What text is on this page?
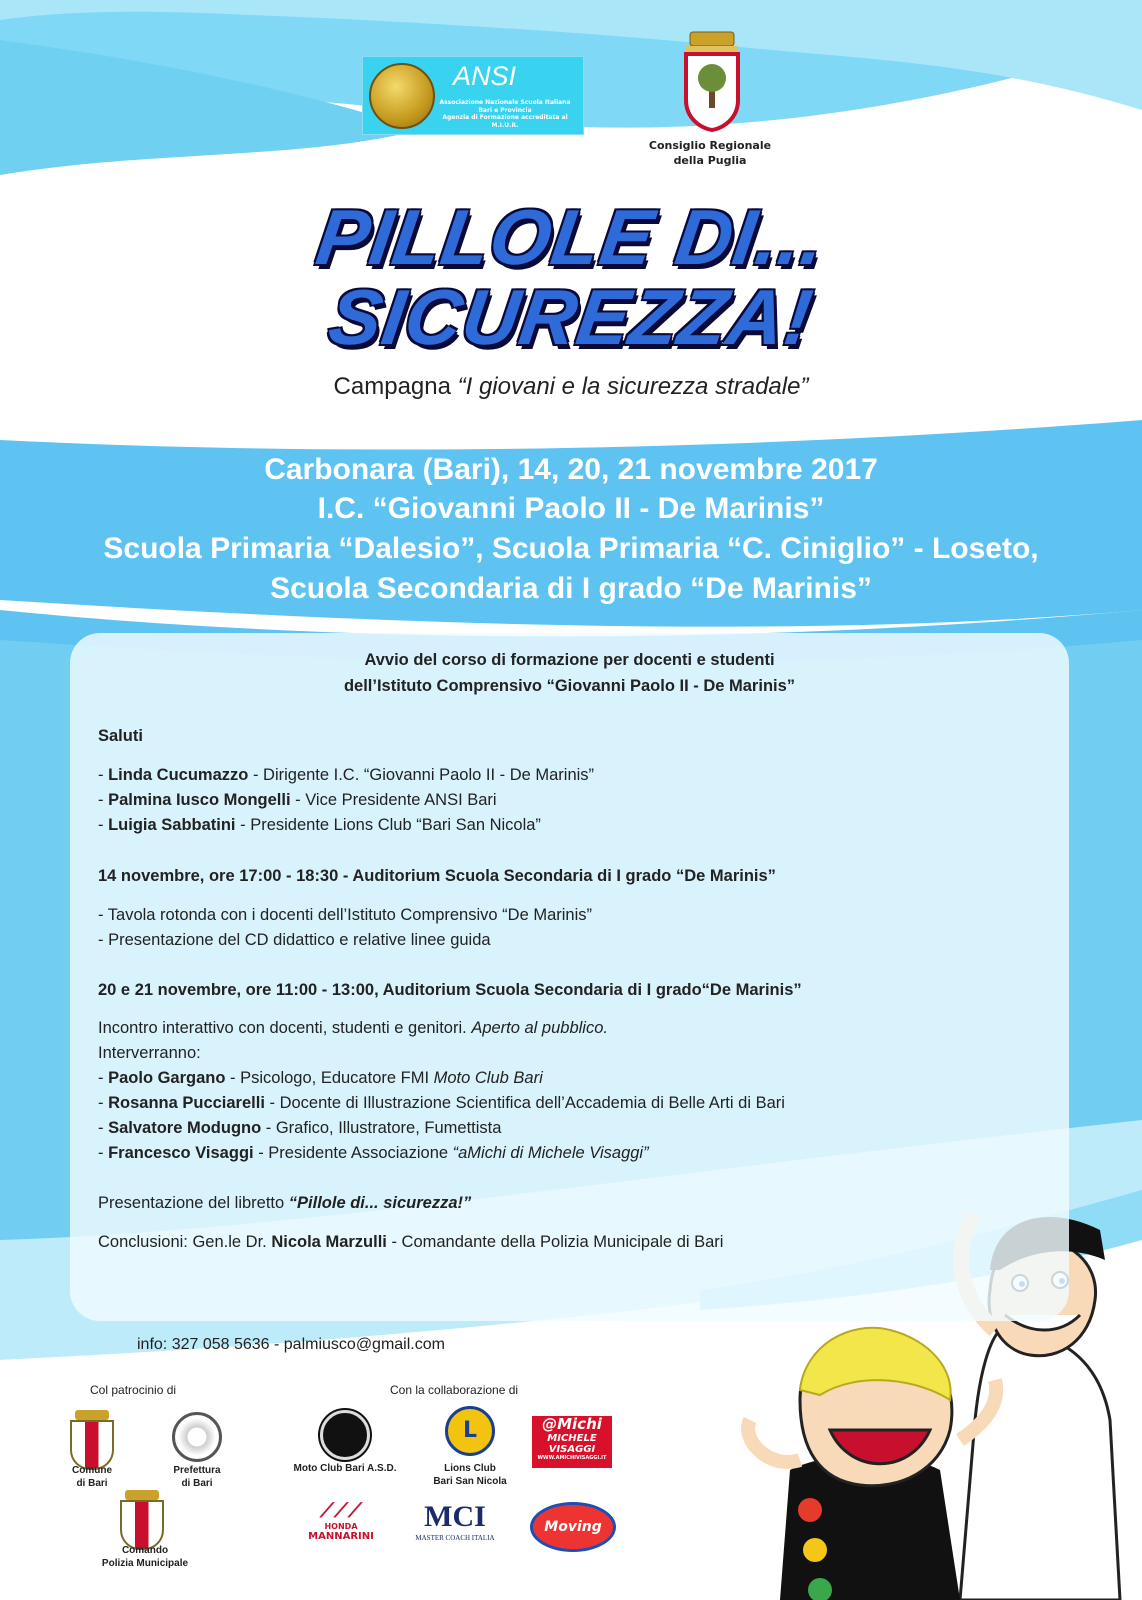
ANSI
Associazione Nazionale Scuola Italiana
Bari e Provincia
Agenzia di Formazione accreditata al M.I.U.R.
Consiglio Regionale
della Puglia
PILLOLE DI...
SICUREZZA!
Campagna “I giovani e la sicurezza stradale”
Carbonara (Bari), 14, 20, 21 novembre 2017
I.C. “Giovanni Paolo II - De Marinis”
Scuola Primaria “Dalesio”, Scuola Primaria “C. Ciniglio” - Loseto,
Scuola Secondaria di I grado “De Marinis”
Avvio del corso di formazione per docenti e studenti
dell’Istituto Comprensivo “Giovanni Paolo II - De Marinis”
Saluti
- Linda Cucumazzo - Dirigente I.C. “Giovanni Paolo II - De Marinis”
- Palmina Iusco Mongelli - Vice Presidente ANSI Bari
- Luigia Sabbatini - Presidente Lions Club “Bari San Nicola”
14 novembre, ore 17:00 - 18:30 - Auditorium Scuola Secondaria di I grado “De Marinis”
- Tavola rotonda con i docenti dell’Istituto Comprensivo “De Marinis”
- Presentazione del CD didattico e relative linee guida
20 e 21 novembre, ore 11:00 - 13:00, Auditorium Scuola Secondaria di I grado“De Marinis”
Incontro interattivo con docenti, studenti e genitori. Aperto al pubblico.
Interverranno:
- Paolo Gargano - Psicologo, Educatore FMI Moto Club Bari
- Rosanna Pucciarelli - Docente di Illustrazione Scientifica dell’Accademia di Belle Arti di Bari
- Salvatore Modugno - Grafico, Illustratore, Fumettista
- Francesco Visaggi - Presidente Associazione “aMichi di Michele Visaggi”
Presentazione del libretto “Pillole di... sicurezza!”
Conclusioni: Gen.le Dr. Nicola Marzulli - Comandante della Polizia Municipale di Bari
info: 327 058 5636 - palmiusco@gmail.com
Col patrocinio di	Con la collaborazione di
Comune
di Bari
Prefettura
di Bari
Comando
Polizia Municipale
Moto Club Bari A.S.D.
L
Lions Club
Bari San Nicola
@Michi
MICHELE
VISAGGI
WWW.AMICHIVISAGGI.IT
⟋⟋⟋
HONDA
MANNARINI
MCI
MASTER COACH ITALIA
Moving Center
